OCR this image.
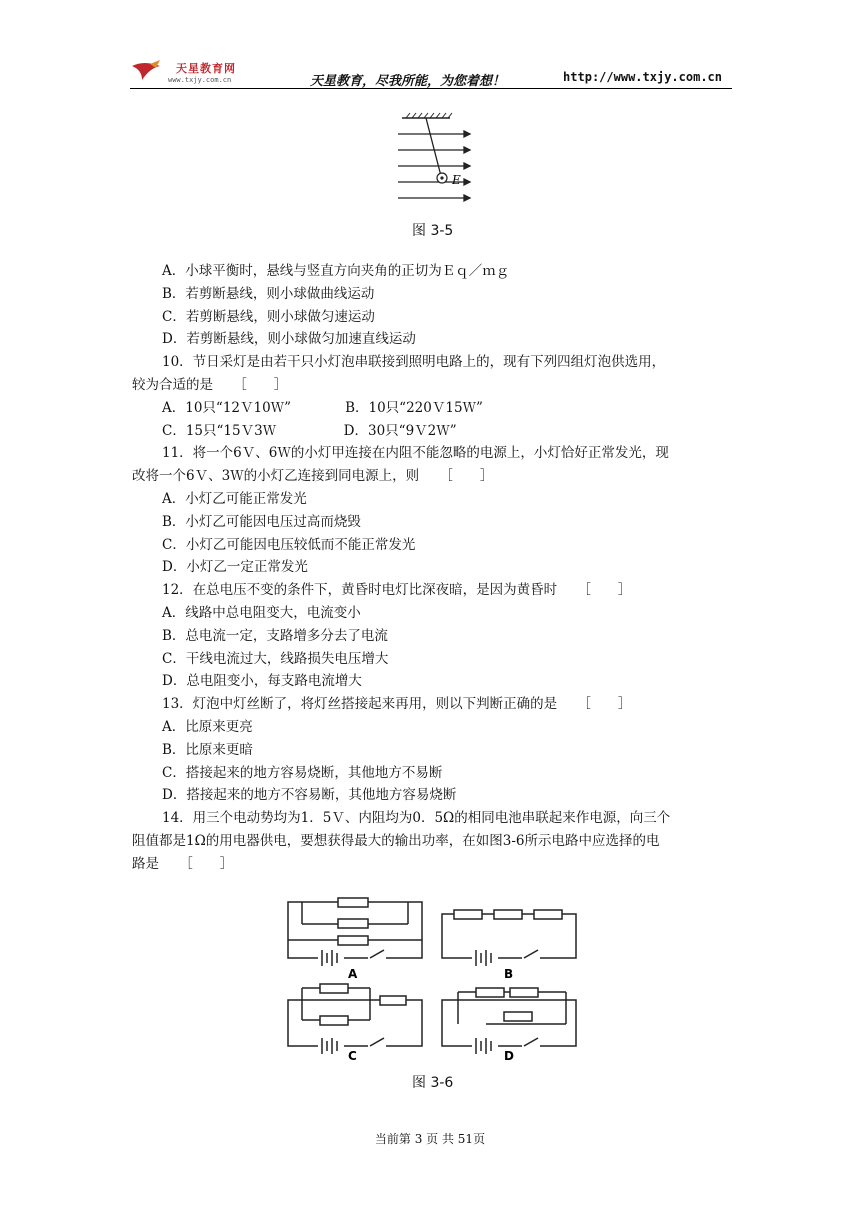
天星教育网
www.txjy.com.cn	天星教育，尽我所能，为您着想！	http://www.txjy.com.cn
E
图 3-5
A．小球平衡时，悬线与竖直方向夹角的正切为Ｅｑ／ｍｇ
B．若剪断悬线，则小球做曲线运动
C．若剪断悬线，则小球做匀速运动
D．若剪断悬线，则小球做匀加速直线运动
10．节日采灯是由若干只小灯泡串联接到照明电路上的，现有下列四组灯泡供选用，
较为合适的是　　［　　］
A．10只“12Ｖ10Ｗ”　　　　B．10只“220Ｖ15Ｗ”
C．15只“15Ｖ3Ｗ　　　　　D．30只“9Ｖ2Ｗ”
11．将一个6Ｖ、6Ｗ的小灯甲连接在内阻不能忽略的电源上，小灯恰好正常发光，现
改将一个6Ｖ、3Ｗ的小灯乙连接到同电源上，则　　［　　］
A．小灯乙可能正常发光
B．小灯乙可能因电压过高而烧毁
C．小灯乙可能因电压较低而不能正常发光
D．小灯乙一定正常发光
12．在总电压不变的条件下，黄昏时电灯比深夜暗，是因为黄昏时　　［　　］
A．线路中总电阻变大，电流变小
B．总电流一定，支路增多分去了电流
C．干线电流过大，线路损失电压增大
D．总电阻变小，每支路电流增大
13．灯泡中灯丝断了，将灯丝搭接起来再用，则以下判断正确的是　　［　　］
A．比原来更亮
B．比原来更暗
C．搭接起来的地方容易烧断，其他地方不易断
D．搭接起来的地方不容易断，其他地方容易烧断
14．用三个电动势均为1．5Ｖ、内阻均为0．5Ω的相同电池串联起来作电源，向三个
阻值都是1Ω的用电器供电，要想获得最大的输出功率，在如图3-6所示电路中应选择的电
路是　　［　　］
A	B
C	D
图 3-6
当前第 3 页 共 51页
